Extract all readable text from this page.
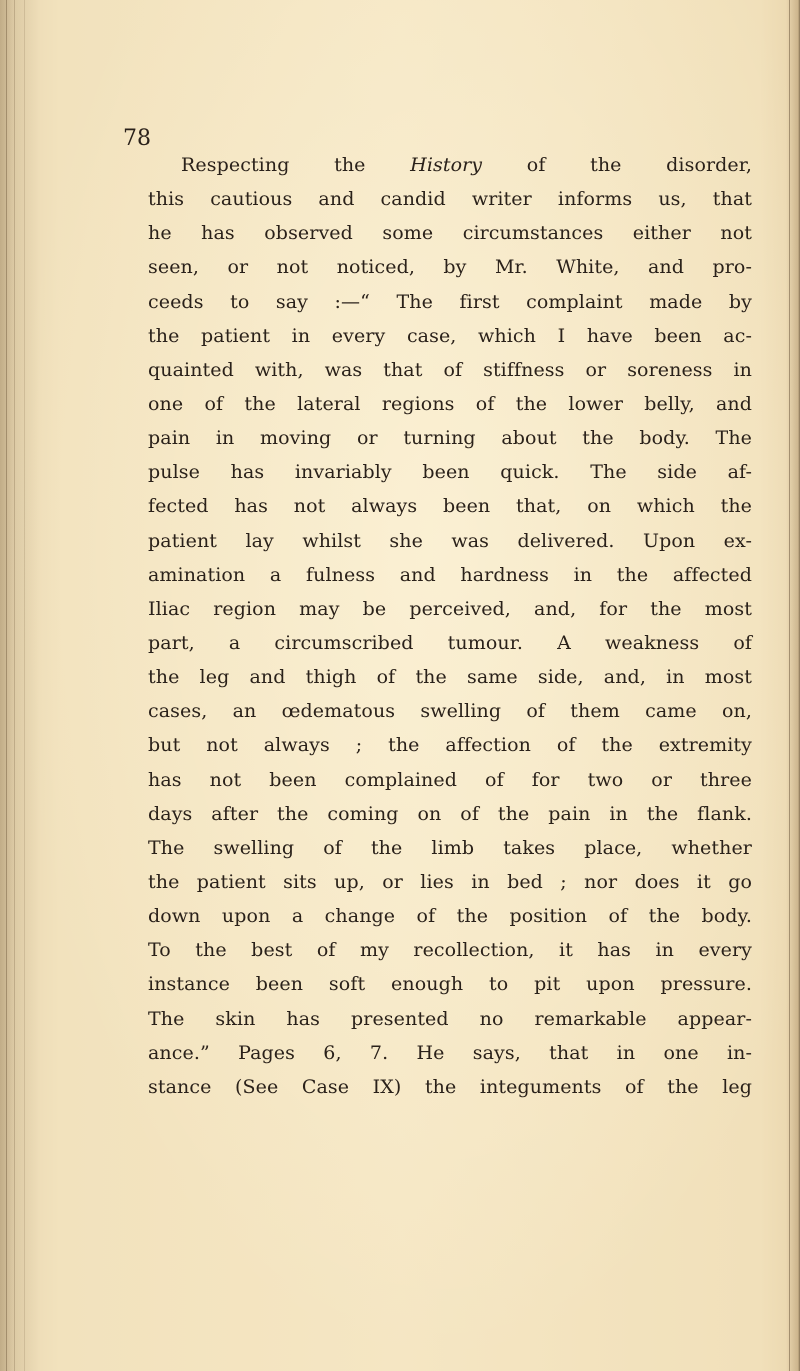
78
Respecting the History of the disorder,
this cautious and candid writer informs us, that
he has observed some circumstances either not
seen, or not noticed, by Mr. White, and pro-
ceeds to say :—“ The first complaint made by
the patient in every case, which I have been ac-
quainted with, was that of stiffness or soreness in
one of the lateral regions of the lower belly, and
pain in moving or turning about the body. The
pulse has invariably been quick. The side af-
fected has not always been that, on which the
patient lay whilst she was delivered. Upon ex-
amination a fulness and hardness in the affected
Iliac region may be perceived, and, for the most
part, a circumscribed tumour. A weakness of
the leg and thigh of the same side, and, in most
cases, an œdematous swelling of them came on,
but not always ; the affection of the extremity
has not been complained of for two or three
days after the coming on of the pain in the flank.
The swelling of the limb takes place, whether
the patient sits up, or lies in bed ; nor does it go
down upon a change of the position of the body.
To the best of my recollection, it has in every
instance been soft enough to pit upon pressure.
The skin has presented no remarkable appear-
ance.” Pages 6, 7. He says, that in one in-
stance (See Case IX) the integuments of the leg
